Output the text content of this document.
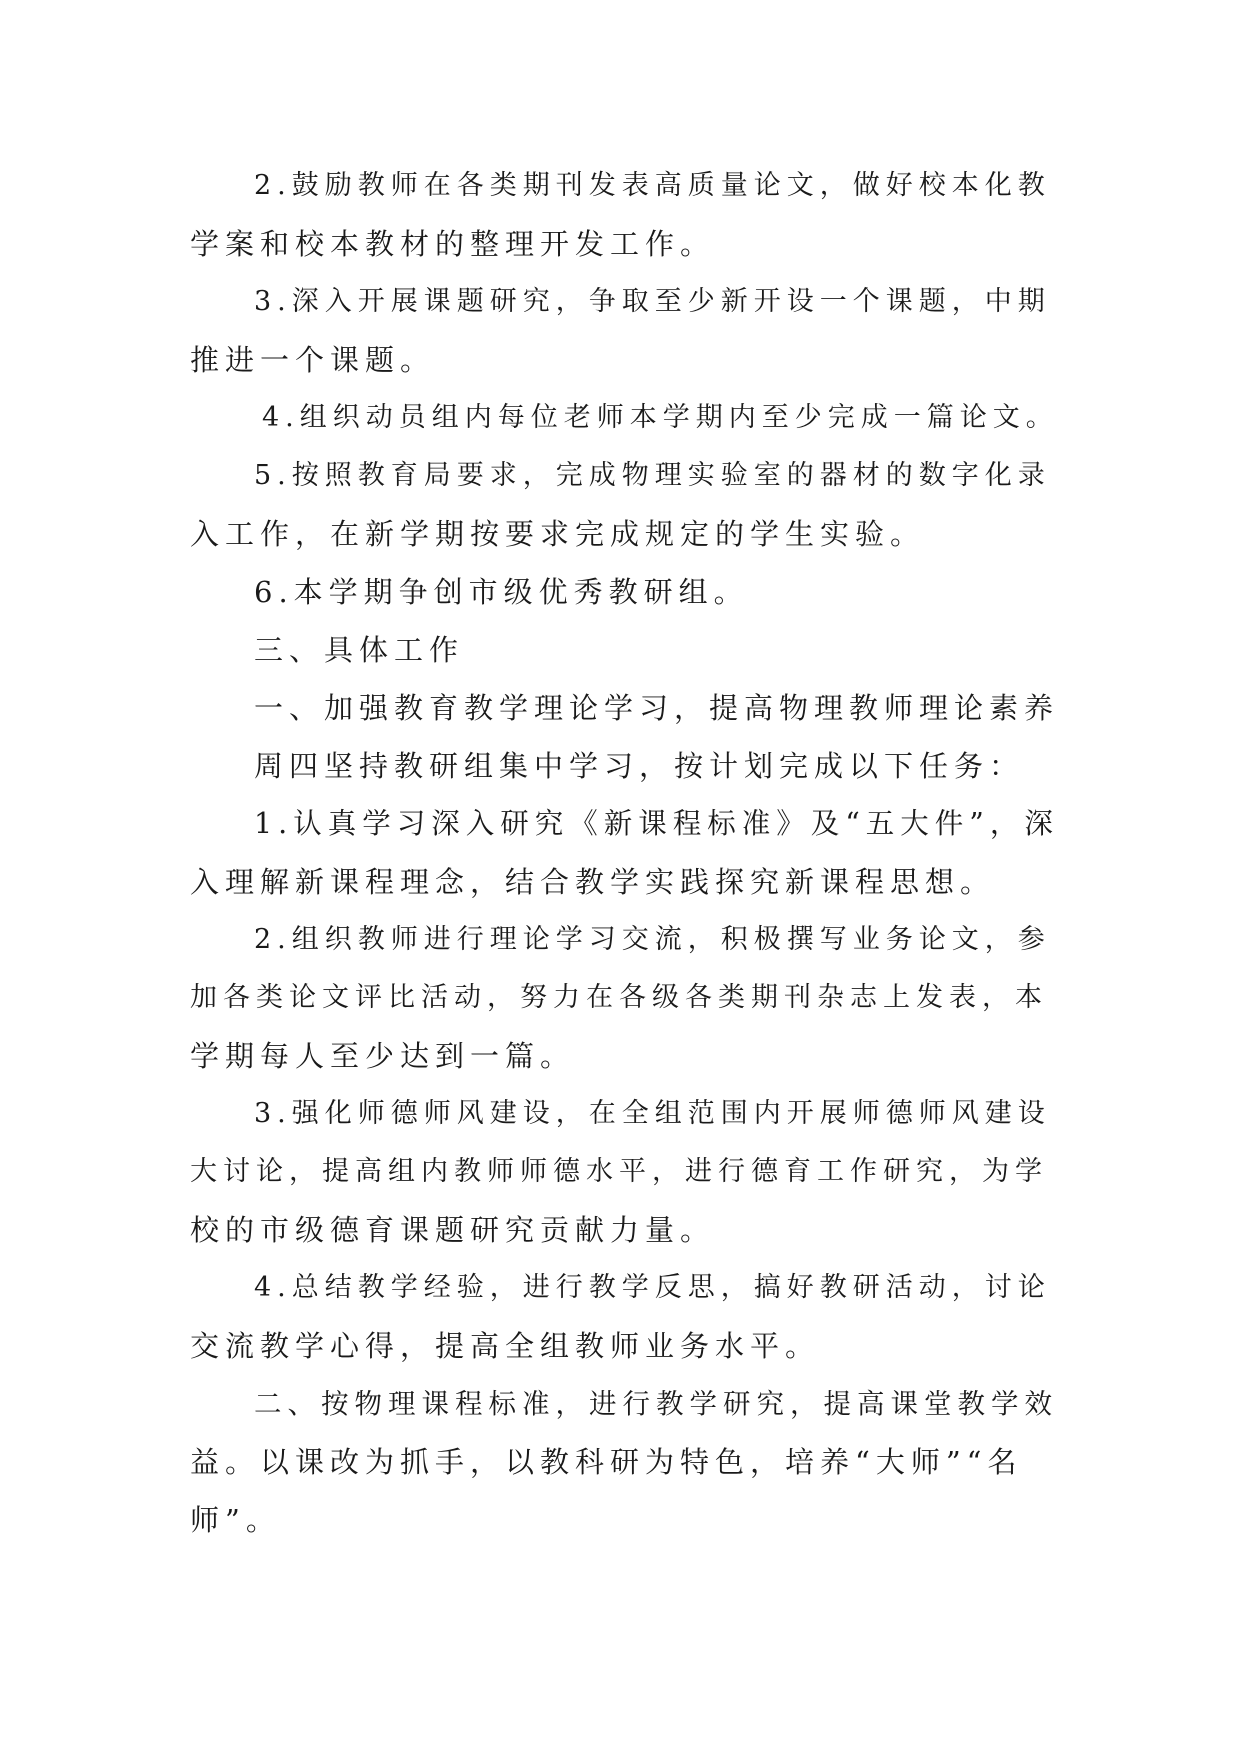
2.鼓励教师在各类期刊发表高质量论文，做好校本化教
学案和校本教材的整理开发工作。
3.深入开展课题研究，争取至少新开设一个课题，中期
推进一个课题。
4.组织动员组内每位老师本学期内至少完成一篇论文。
5.按照教育局要求，完成物理实验室的器材的数字化录
入工作，在新学期按要求完成规定的学生实验。
6.本学期争创市级优秀教研组。
三、具体工作
一、加强教育教学理论学习，提高物理教师理论素养
周四坚持教研组集中学习，按计划完成以下任务：
1.认真学习深入研究《新课程标准》及“五大件”，深
入理解新课程理念，结合教学实践探究新课程思想。
2.组织教师进行理论学习交流，积极撰写业务论文，参
加各类论文评比活动，努力在各级各类期刊杂志上发表，本
学期每人至少达到一篇。
3.强化师德师风建设，在全组范围内开展师德师风建设
大讨论，提高组内教师师德水平，进行德育工作研究，为学
校的市级德育课题研究贡献力量。
4.总结教学经验，进行教学反思，搞好教研活动，讨论
交流教学心得，提高全组教师业务水平。
二、按物理课程标准，进行教学研究，提高课堂教学效
益。以课改为抓手，以教科研为特色，培养“大师”“名
师”。
